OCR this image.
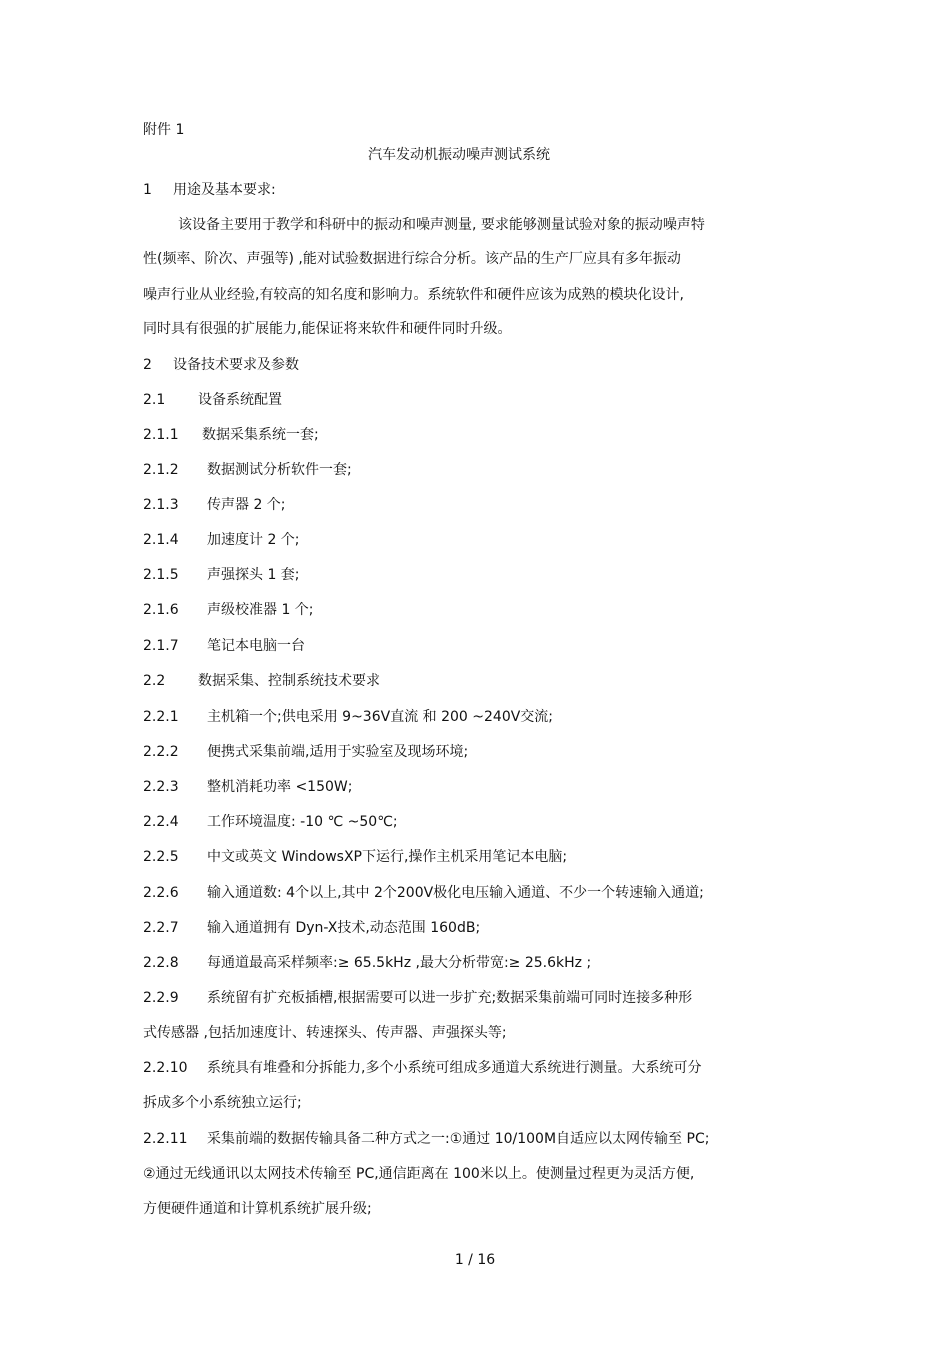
附件 1
汽车发动机振动噪声测试系统
1 用途及基本要求:
该设备主要用于教学和科研中的振动和噪声测量, 要求能够测量试验对象的振动噪声特
性(频率、阶次、声强等) ,能对试验数据进行综合分析。该产品的生产厂应具有多年振动
噪声行业从业经验,有较高的知名度和影响力。系统软件和硬件应该为成熟的模块化设计,
同时具有很强的扩展能力,能保证将来软件和硬件同时升级。
2 设备技术要求及参数
2.1 设备系统配置
2.1.1 数据采集系统一套;
2.1.2 数据测试分析软件一套;
2.1.3 传声器 2 个;
2.1.4 加速度计 2 个;
2.1.5 声强探头 1 套;
2.1.6 声级校准器 1 个;
2.1.7 笔记本电脑一台
2.2 数据采集、控制系统技术要求
2.2.1 主机箱一个;供电采用 9~36V直流 和 200 ~240V交流;
2.2.2 便携式采集前端,适用于实验室及现场环境;
2.2.3 整机消耗功率 <150W;
2.2.4 工作环境温度: -10 ℃ ~50℃;
2.2.5 中文或英文 WindowsXP下运行,操作主机采用笔记本电脑;
2.2.6 输入通道数: 4个以上,其中 2个200V极化电压输入通道、不少一个转速输入通道;
2.2.7 输入通道拥有 Dyn-X技术,动态范围 160dB;
2.2.8 每通道最高采样频率:≥ 65.5kHz ,最大分析带宽:≥ 25.6kHz ;
2.2.9 系统留有扩充板插槽,根据需要可以进一步扩充;数据采集前端可同时连接多种形
式传感器 ,包括加速度计、转速探头、传声器、声强探头等;
2.2.10 系统具有堆叠和分拆能力,多个小系统可组成多通道大系统进行测量。大系统可分
拆成多个小系统独立运行;
2.2.11 采集前端的数据传输具备二种方式之一:①通过 10/100M自适应以太网传输至 PC;
②通过无线通讯以太网技术传输至 PC,通信距离在 100米以上。使测量过程更为灵活方便,
方便硬件通道和计算机系统扩展升级;
1 / 16
